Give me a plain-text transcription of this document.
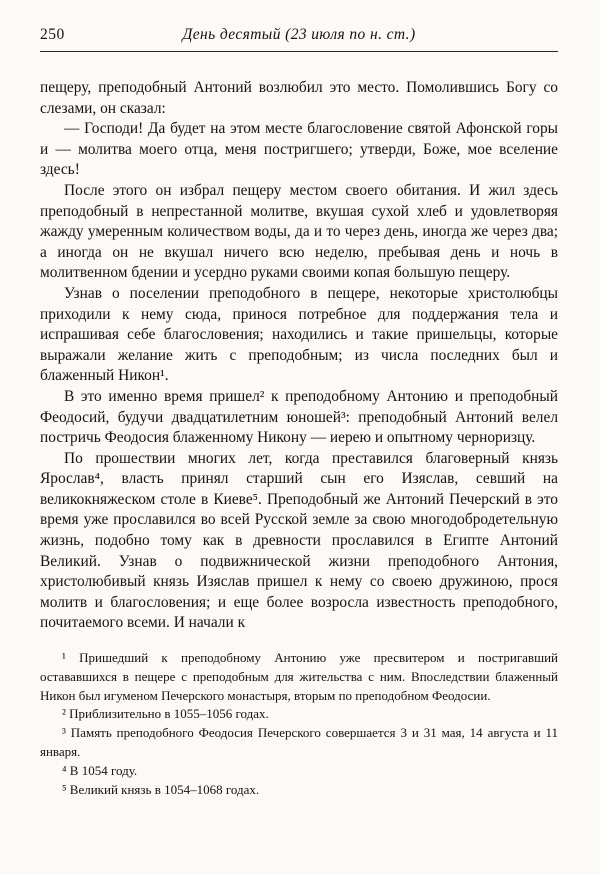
250	День десятый (23 июля по н. ст.)

пещеру, преподобный Антоний возлюбил это место. Помолившись Богу со слезами, он сказал:

— Господи! Да будет на этом месте благословение святой Афонской горы и — молитва моего отца, меня постригшего; утверди, Боже, мое вселение здесь!

После этого он избрал пещеру местом своего обитания. И жил здесь преподобный в непрестанной молитве, вкушая сухой хлеб и удовлетворяя жажду умеренным количеством воды, да и то через день, иногда же через два; а иногда он не вкушал ничего всю неделю, пребывая день и ночь в молитвенном бдении и усердно руками своими копая большую пещеру.

Узнав о поселении преподобного в пещере, некоторые христолюбцы приходили к нему сюда, принося потребное для поддержания тела и испрашивая себе благословения; находились и такие пришельцы, которые выражали желание жить с преподобным; из числа последних был и блаженный Никон¹.

В это именно время пришел² к преподобному Антонию и преподобный Феодосий, будучи двадцатилетним юношей³: преподобный Антоний велел постричь Феодосия блаженному Никону — иерею и опытному черноризцу.

По прошествии многих лет, когда преставился благоверный князь Ярослав⁴, власть принял старший сын его Изяслав, севший на великокняжеском столе в Киеве⁵. Преподобный же Антоний Печерский в это время уже прославился во всей Русской земле за свою многодобродетельную жизнь, подобно тому как в древности прославился в Египте Антоний Великий. Узнав о подвижнической жизни преподобного Антония, христолюбивый князь Изяслав пришел к нему со своею дружиною, прося молитв и благословения; и еще более возросла известность преподобного, почитаемого всеми. И начали к

¹ Пришедший к преподобному Антонию уже пресвитером и постригавший остававшихся в пещере с преподобным для жительства с ним. Впоследствии блаженный Никон был игуменом Печерского монастыря, вторым по преподобном Феодосии.

² Приблизительно в 1055–1056 годах.

³ Память преподобного Феодосия Печерского совершается 3 и 31 мая, 14 августа и 11 января.

⁴ В 1054 году.

⁵ Великий князь в 1054–1068 годах.
